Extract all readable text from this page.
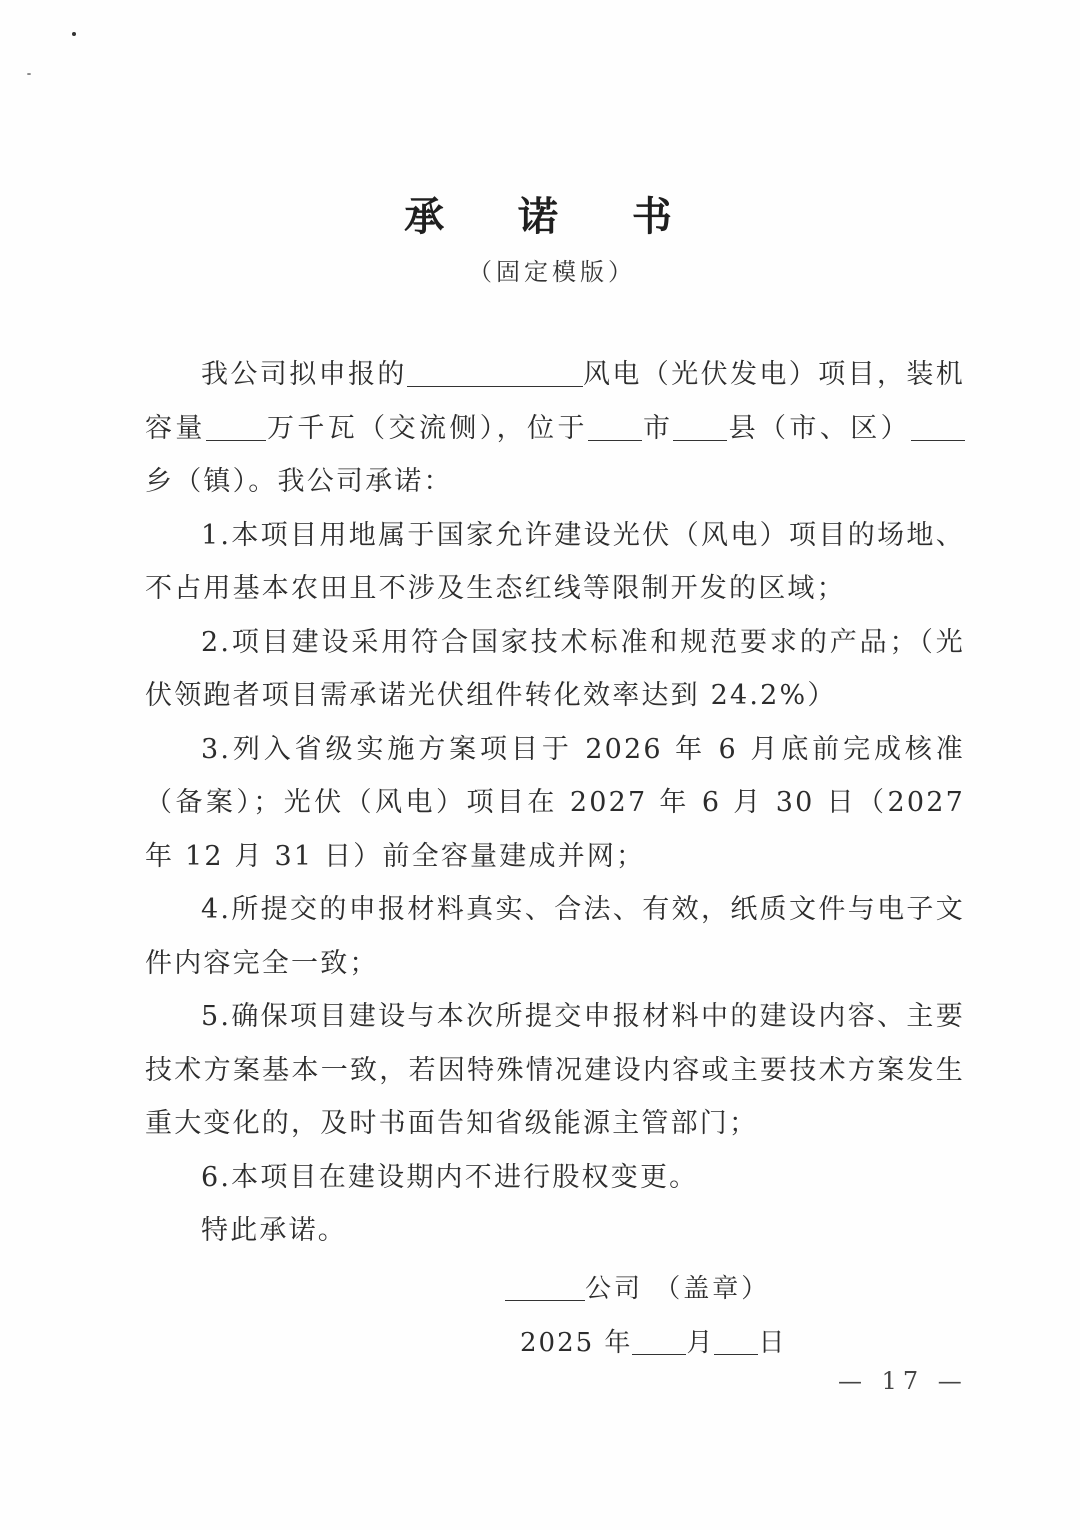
承 诺 书
（固定模版）

我公司拟申报的	风电（光伏发电）项目，装机容量 万千瓦（交流侧），位于 市 县（市、区）乡（镇）。我公司承诺：

1.本项目用地属于国家允许建设光伏（风电）项目的场地、不占用基本农田且不涉及生态红线等限制开发的区域；

2.项目建设采用符合国家技术标准和规范要求的产品；（光伏领跑者项目需承诺光伏组件转化效率达到 24.2%）

3.列入省级实施方案项目于 2026 年 6 月底前完成核准（备案）；光伏（风电）项目在 2027 年 6 月 30 日（2027 年 12 月 31 日）前全容量建成并网；

4.所提交的申报材料真实、合法、有效，纸质文件与电子文件内容完全一致；

5.确保项目建设与本次所提交申报材料中的建设内容、主要技术方案基本一致，若因特殊情况建设内容或主要技术方案发生重大变化的，及时书面告知省级能源主管部门；

6.本项目在建设期内不进行股权变更。

特此承诺。

公司 （盖章）
2025 年 月 日
— 17 —
